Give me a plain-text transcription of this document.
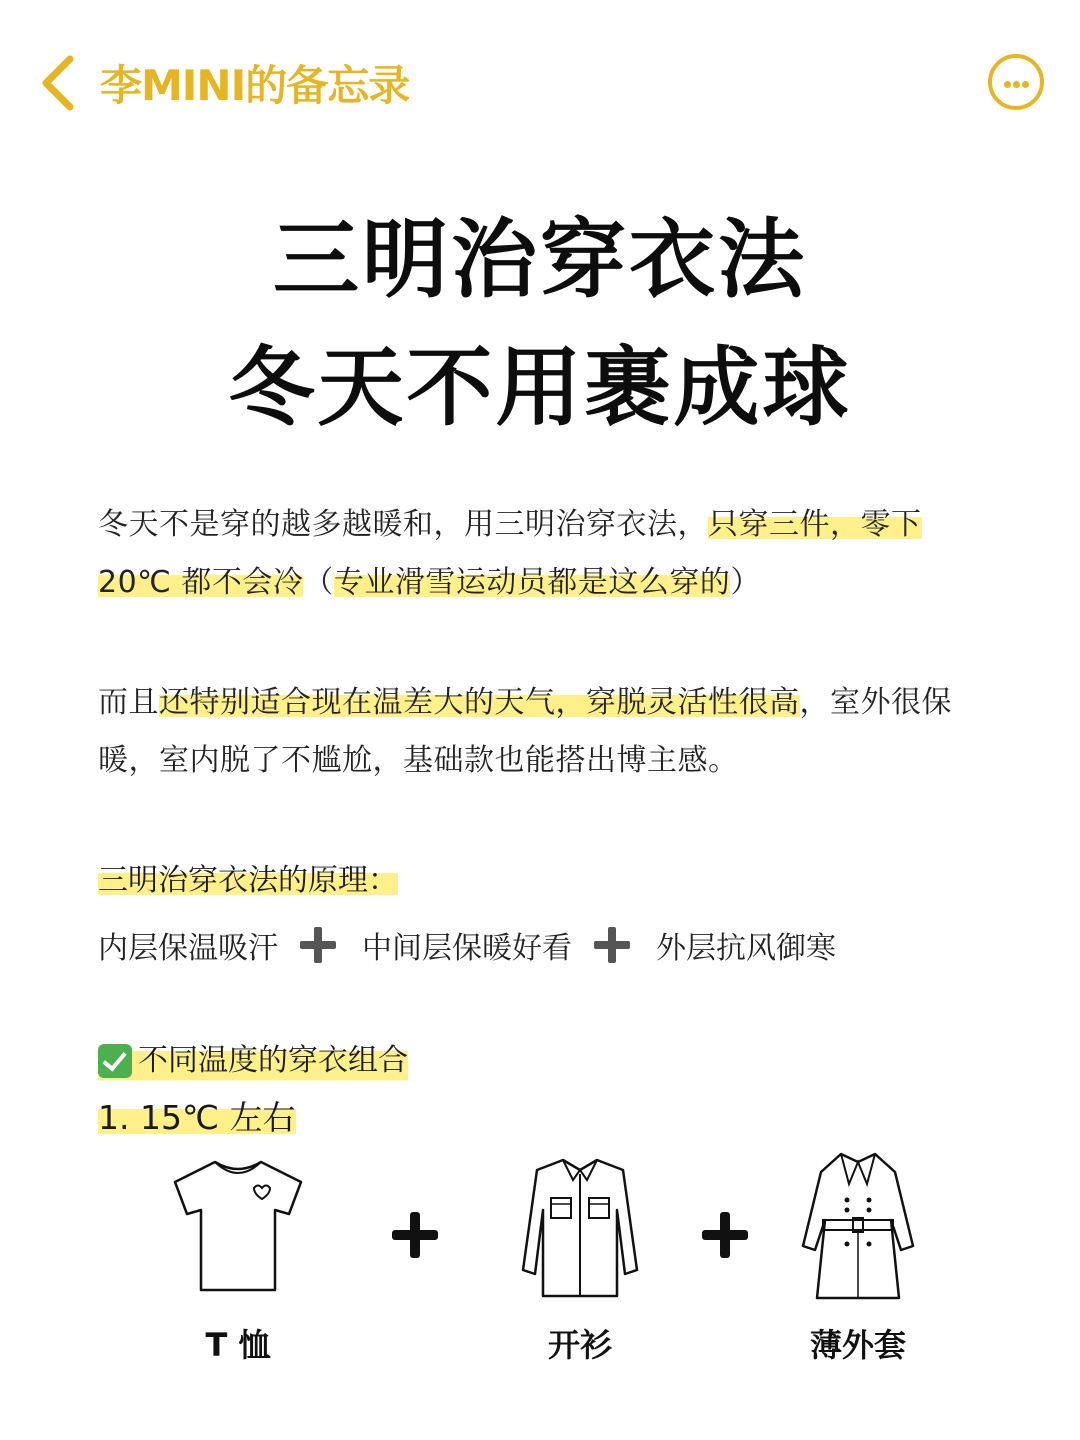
李MINI的备忘录
三明治穿衣法
冬天不用裹成球
冬天不是穿的越多越暖和，用三明治穿衣法，只穿三件，零下20℃ 都不会冷（专业滑雪运动员都是这么穿的）
而且还特别适合现在温差大的天气，穿脱灵活性很高，室外很保暖，室内脱了不尴尬，基础款也能搭出博主感。
三明治穿衣法的原理：
内层保温吸汗	中间层保暖好看	外层抗风御寒
不同温度的穿衣组合
1. 15℃ 左右
T 恤	开衫	薄外套
